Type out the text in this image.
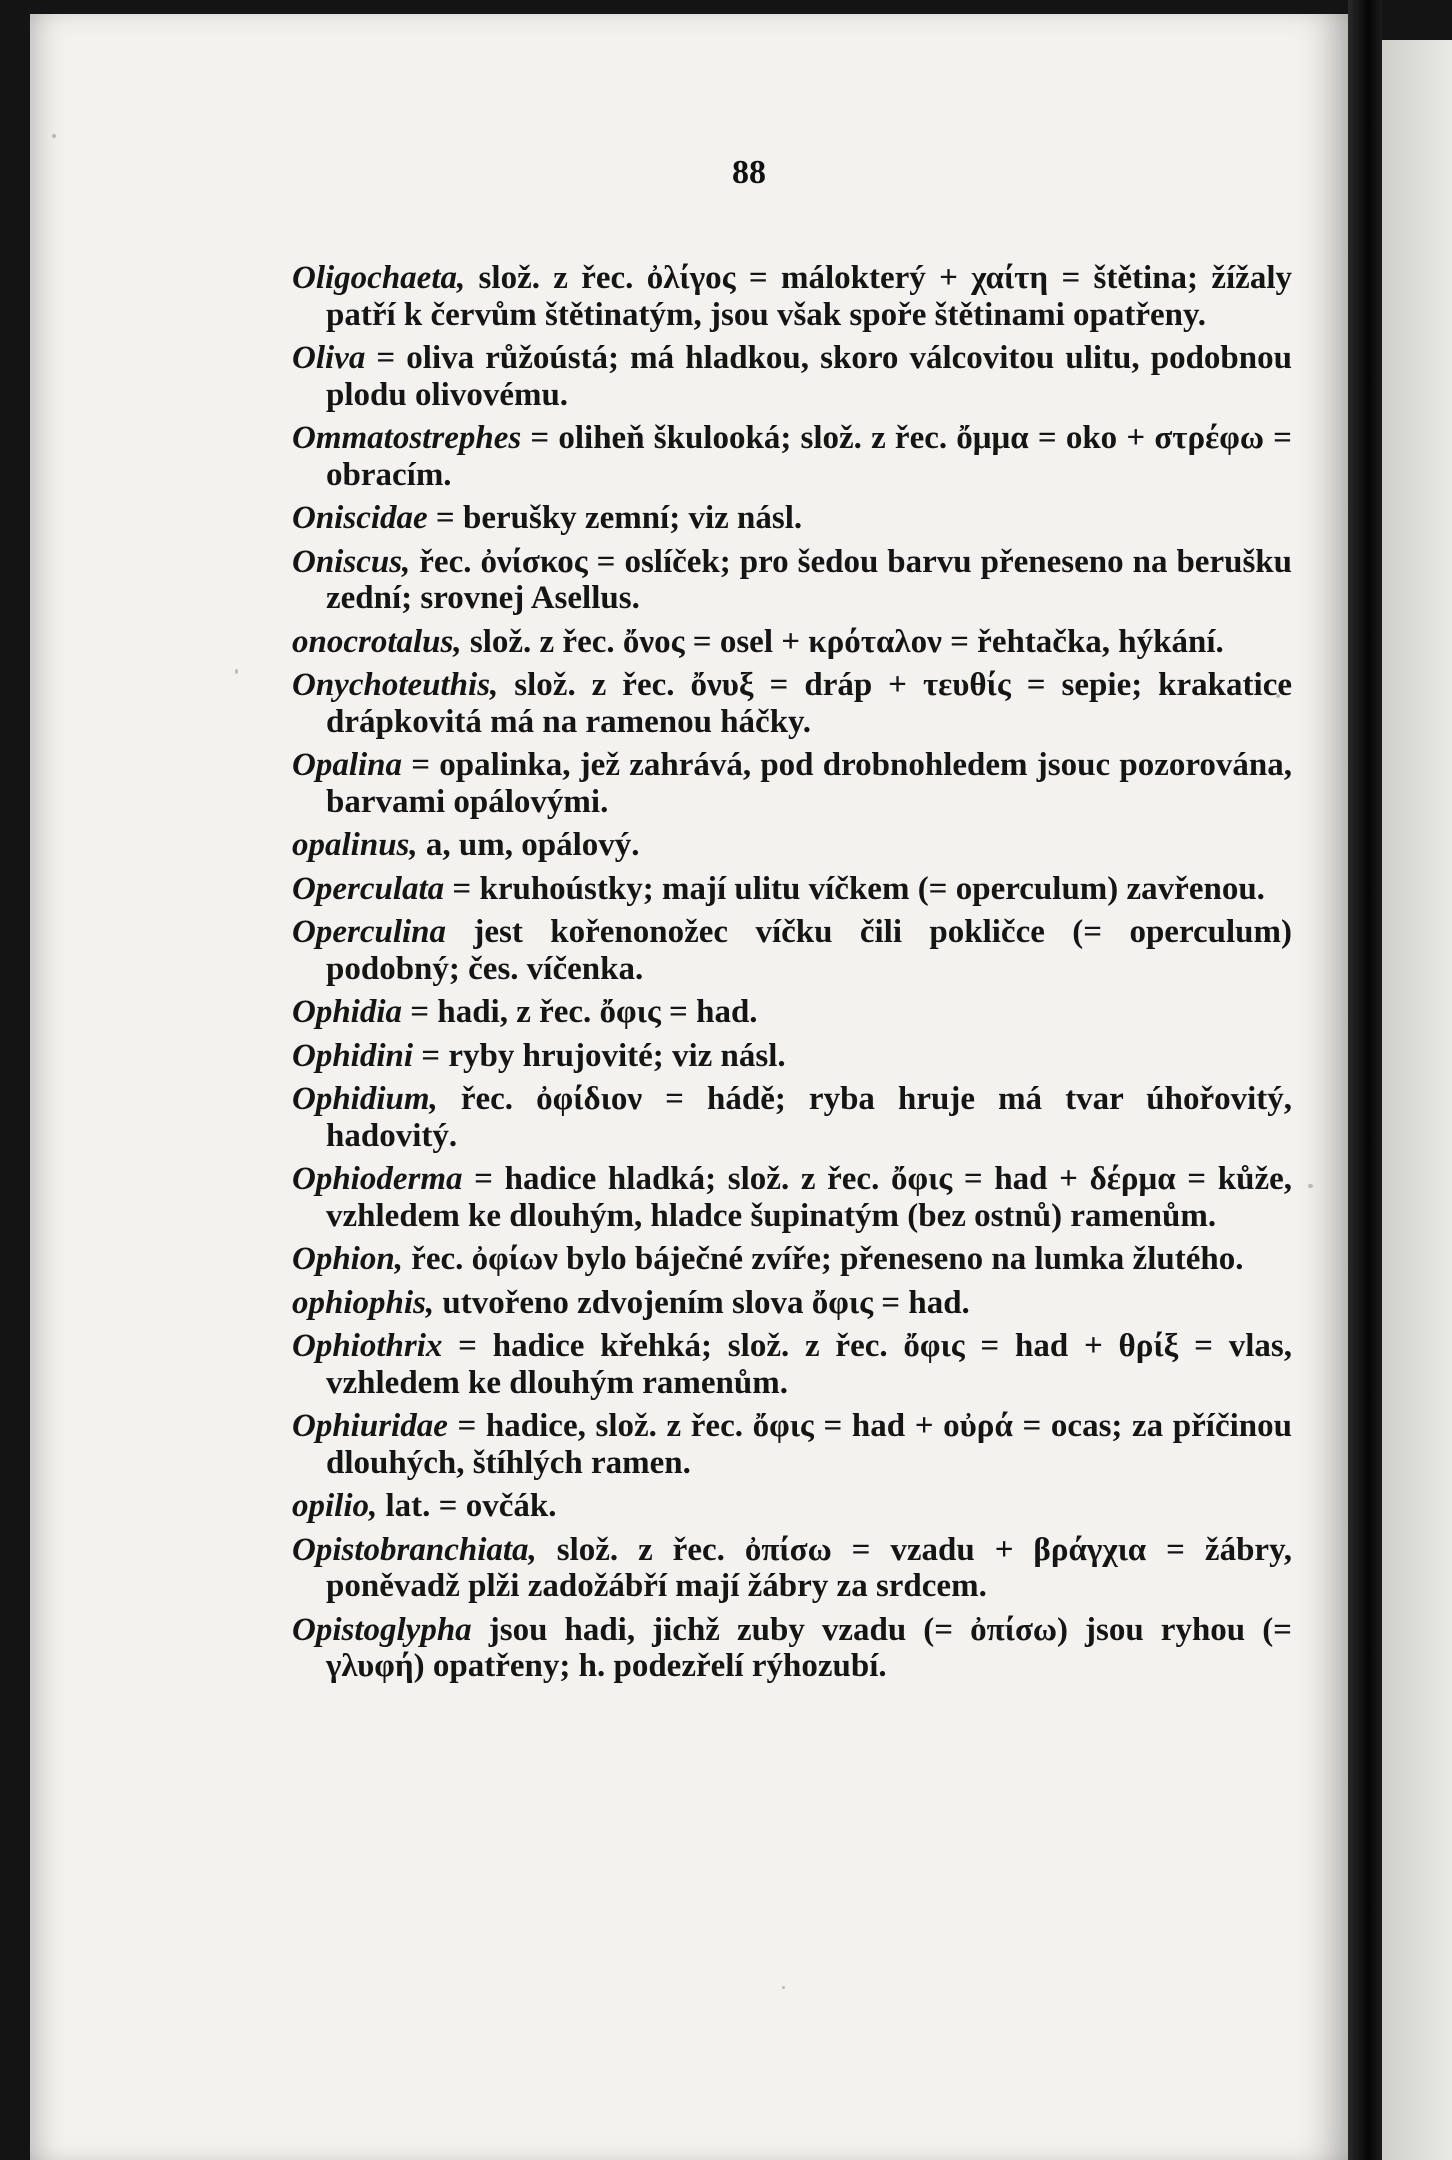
88

Oligochaeta, slož. z řec. ὀλίγος = málokterý + χαίτη = štětina; žížaly patří k červům štětinatým, jsou však spoře štětinami opatřeny.

Oliva = oliva růžoústá; má hladkou, skoro válcovitou ulitu, podobnou plodu olivovému.

Ommatostrephes = oliheň škulooká; slož. z řec. ὄμμα = oko + στρέφω = obracím.

Oniscidae = berušky zemní; viz násl.

Oniscus, řec. ὀνίσκος = oslíček; pro šedou barvu přeneseno na berušku zední; srovnej Asellus.

onocrotalus, slož. z řec. ὄνος = osel + κρόταλον = řehtačka, hýkání.

Onychoteuthis, slož. z řec. ὄνυξ = dráp + τευθίς = sepie; krakatice drápkovitá má na ramenou háčky.

Opalina = opalinka, jež zahrává, pod drobnohledem jsouc pozorována, barvami opálovými.

opalinus, a, um, opálový.

Operculata = kruhoústky; mají ulitu víčkem (= operculum) zavřenou.

Operculina jest kořenonožec víčku čili pokličce (= operculum) podobný; čes. víčenka.

Ophidia = hadi, z řec. ὄφις = had.

Ophidini = ryby hrujovité; viz násl.

Ophidium, řec. ὀφίδιον = hádě; ryba hruje má tvar úhořovitý, hadovitý.

Ophioderma = hadice hladká; slož. z řec. ὄφις = had + δέρμα = kůže, vzhledem ke dlouhým, hladce šupinatým (bez ostnů) ramenům.

Ophion, řec. ὀφίων bylo báječné zvíře; přeneseno na lumka žlutého.

ophiophis, utvořeno zdvojením slova ὄφις = had.

Ophiothrix = hadice křehká; slož. z řec. ὄφις = had + θρίξ = vlas, vzhledem ke dlouhým ramenům.

Ophiuridae = hadice, slož. z řec. ὄφις = had + οὐρά = ocas; za příčinou dlouhých, štíhlých ramen.

opilio, lat. = ovčák.

Opistobranchiata, slož. z řec. ὀπίσω = vzadu + βράγχια = žábry, poněvadž plži zadožábří mají žábry za srdcem.

Opistoglypha jsou hadi, jichž zuby vzadu (= ὀπίσω) jsou ryhou (= γλυφή) opatřeny; h. podezřelí rýhozubí.
